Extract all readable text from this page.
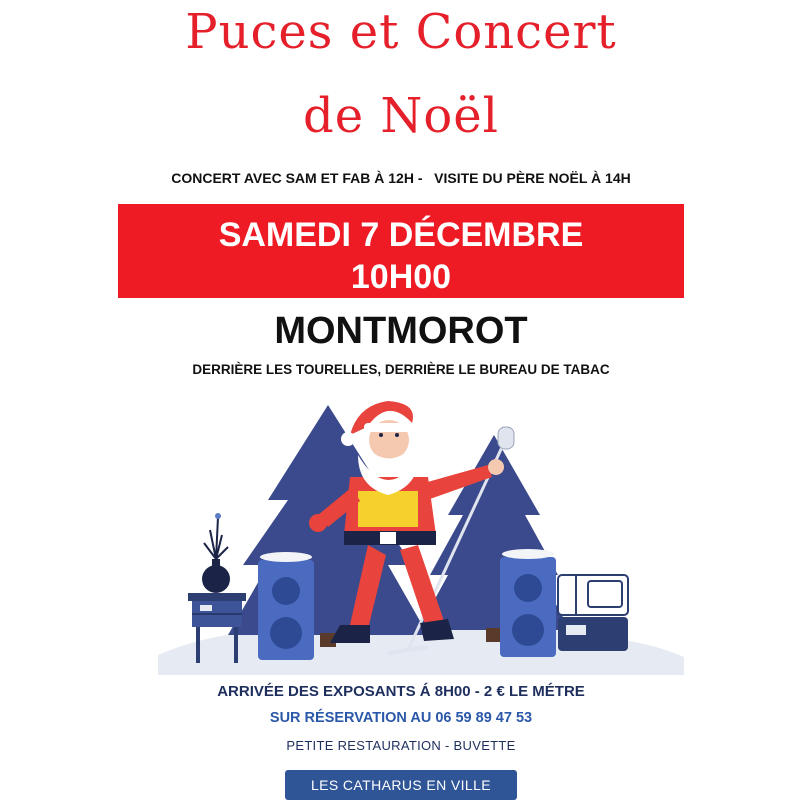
Puces et Concert
de Noël
CONCERT AVEC SAM ET FAB À 12H -   VISITE DU PÈRE NOËL À 14H
SAMEDI 7 DÉCEMBRE
10H00
MONTMOROT
DERRIÈRE LES TOURELLES, DERRIÈRE LE BUREAU DE TABAC
ARRIVÉE DES EXPOSANTS Á 8H00 - 2 € LE MÉTRE
SUR RÉSERVATION AU 06 59 89 47 53
PETITE RESTAURATION - BUVETTE
LES CATHARUS EN VILLE
